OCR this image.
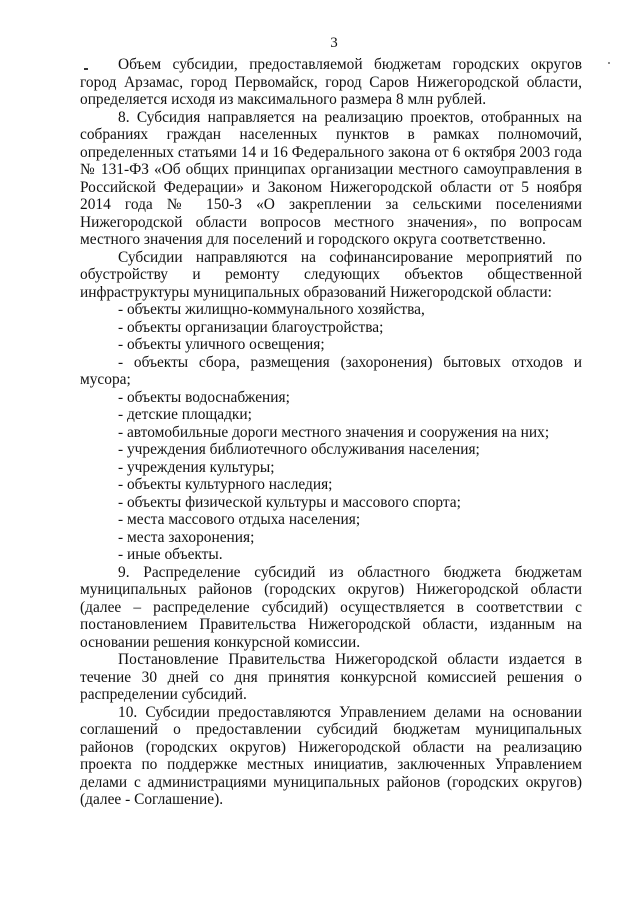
3

Объем субсидии, предоставляемой бюджетам городских округов город Арзамас, город Первомайск, город Саров Нижегородской области, определяется исходя из максимального размера 8 млн рублей.

8. Субсидия направляется на реализацию проектов, отобранных на собраниях граждан населенных пунктов в рамках полномочий, определенных статьями 14 и 16 Федерального закона от 6 октября 2003 года № 131-ФЗ «Об общих принципах организации местного самоуправления в Российской Федерации» и Законом Нижегородской области от 5 ноября 2014 года № 150-З «О закреплении за сельскими поселениями Нижегородской области вопросов местного значения», по вопросам местного значения для поселений и городского округа соответственно.

Субсидии направляются на софинансирование мероприятий по обустройству и ремонту следующих объектов общественной инфраструктуры муниципальных образований Нижегородской области:

- объекты жилищно-коммунального хозяйства,
- объекты организации благоустройства;
- объекты уличного освещения;
- объекты сбора, размещения (захоронения) бытовых отходов и мусора;
- объекты водоснабжения;
- детские площадки;
- автомобильные дороги местного значения и сооружения на них;
- учреждения библиотечного обслуживания населения;
- учреждения культуры;
- объекты культурного наследия;
- объекты физической культуры и массового спорта;
- места массового отдыха населения;
- места захоронения;
- иные объекты.

9. Распределение субсидий из областного бюджета бюджетам муниципальных районов (городских округов) Нижегородской области (далее – распределение субсидий) осуществляется в соответствии с постановлением Правительства Нижегородской области, изданным на основании решения конкурсной комиссии.

Постановление Правительства Нижегородской области издается в течение 30 дней со дня принятия конкурсной комиссией решения о распределении субсидий.

10. Субсидии предоставляются Управлением делами на основании соглашений о предоставлении субсидий бюджетам муниципальных районов (городских округов) Нижегородской области на реализацию проекта по поддержке местных инициатив, заключенных Управлением делами с администрациями муниципальных районов (городских округов) (далее - Соглашение).
